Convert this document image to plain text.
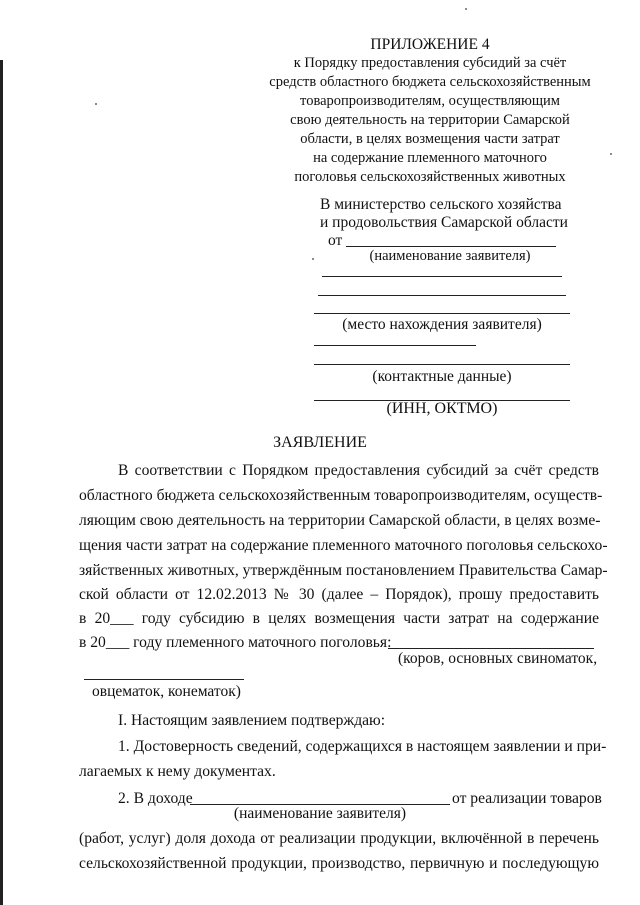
ПРИЛОЖЕНИЕ 4
к Порядку предоставления субсидий за счёт
средств областного бюджета сельскохозяйственным
товаропроизводителям, осуществляющим
свою деятельность на территории Самарской
области, в целях возмещения части затрат
на содержание племенного маточного
поголовья сельскохозяйственных животных
В министерство сельского хозяйства
и продовольствия Самарской области
от
(наименование заявителя)
(место нахождения заявителя)
(контактные данные)
(ИНН, ОКТМО)
ЗАЯВЛЕНИЕ
В соответствии с Порядком предоставления субсидий за счёт средств
областного бюджета сельскохозяйственным товаропроизводителям, осуществ-
ляющим свою деятельность на территории Самарской области, в целях возме-
щения части затрат на содержание племенного маточного поголовья сельскохо-
зяйственных животных, утверждённым постановлением Правительства Самар-
ской области от 12.02.2013 № 30 (далее – Порядок), прошу предоставить
в 20___ году субсидию в целях возмещения части затрат на содержание
в 20___ году племенного маточного поголовья:
(коров, основных свиноматок,
овцематок, конематок)
I. Настоящим заявлением подтверждаю:
1. Достоверность сведений, содержащихся в настоящем заявлении и при-
лагаемых к нему документах.
2. В доходе	от реализации товаров
(наименование заявителя)
(работ, услуг) доля дохода от реализации продукции, включённой в перечень
сельскохозяйственной продукции, производство, первичную и последующую
